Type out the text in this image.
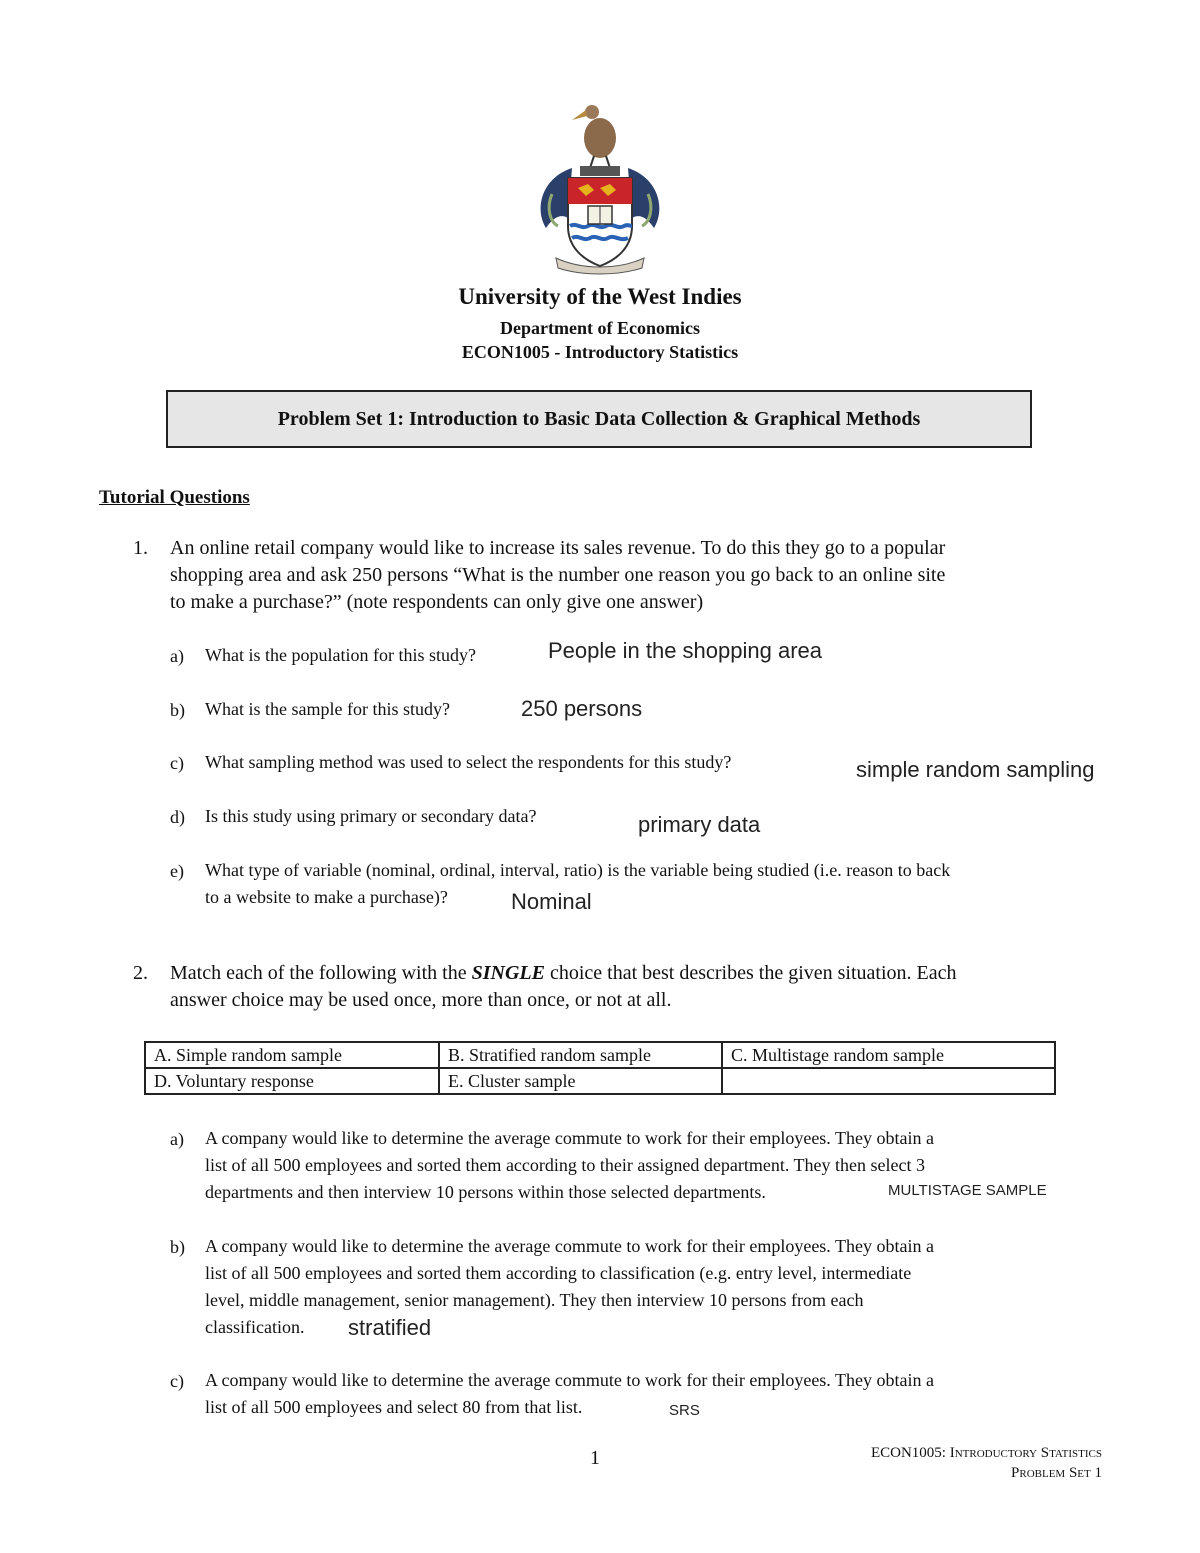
University of the West Indies
Department of Economics
ECON1005 - Introductory Statistics
Problem Set 1: Introduction to Basic Data Collection & Graphical Methods
Tutorial Questions
1. An online retail company would like to increase its sales revenue. To do this they go to a popular
shopping area and ask 250 persons “What is the number one reason you go back to an online site
to make a purchase?” (note respondents can only give one answer)
a) What is the population for this study?	People in the shopping area
b) What is the sample for this study?	250 persons
c) What sampling method was used to select the respondents for this study?	simple random sampling
d) Is this study using primary or secondary data?	primary data
e) What type of variable (nominal, ordinal, interval, ratio) is the variable being studied (i.e. reason to back
to a website to make a purchase)?	Nominal
2. Match each of the following with the SINGLE choice that best describes the given situation. Each
answer choice may be used once, more than once, or not at all.
A. Simple random sample	B. Stratified random sample	C. Multistage random sample
D. Voluntary response	E. Cluster sample	
a) A company would like to determine the average commute to work for their employees. They obtain a
list of all 500 employees and sorted them according to their assigned department. They then select 3
departments and then interview 10 persons within those selected departments.	MULTISTAGE SAMPLE
b) A company would like to determine the average commute to work for their employees. They obtain a
list of all 500 employees and sorted them according to classification (e.g. entry level, intermediate
level, middle management, senior management). They then interview 10 persons from each
classification.	stratified
c) A company would like to determine the average commute to work for their employees. They obtain a
list of all 500 employees and select 80 from that list.	SRS
1	ECON1005: Introductory Statistics
Problem Set 1
